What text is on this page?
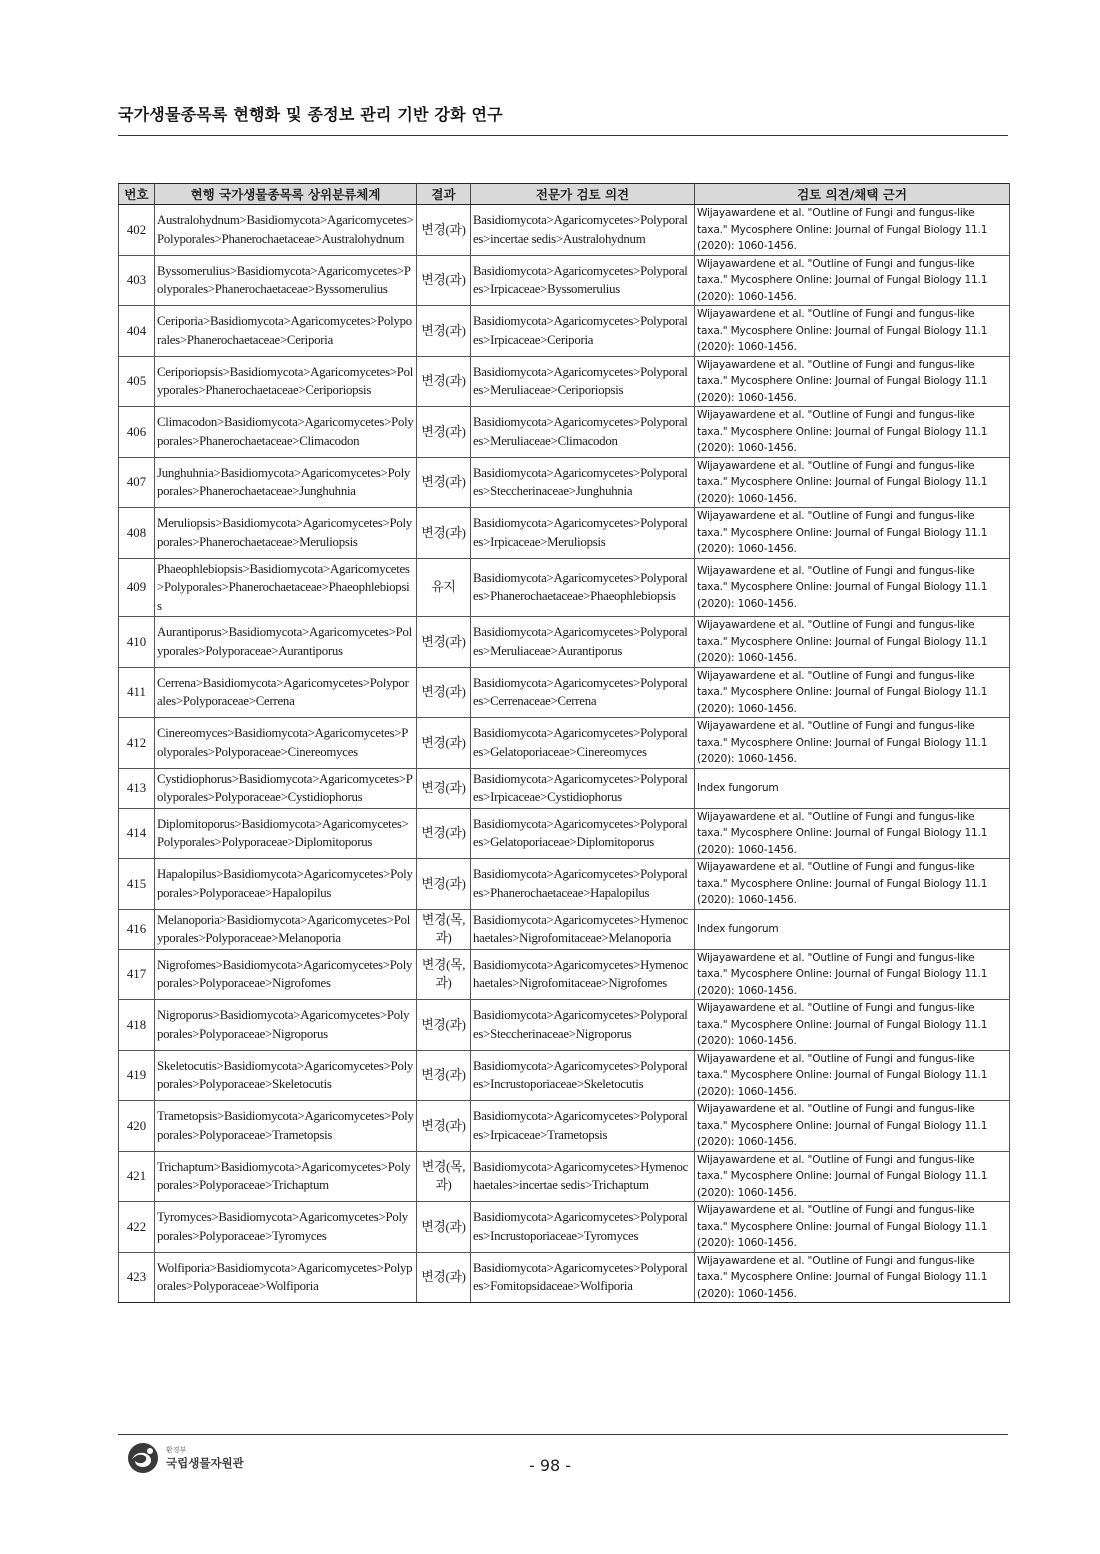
국가생물종목록 현행화 및 종정보 관리 기반 강화 연구
번호	현행 국가생물종목록 상위분류체계	결과	전문가 검토 의견	검토 의견/채택 근거
402	Australohydnum>Basidiomycota>Agaricomycetes>Polyporales>Phanerochaetaceae>Australohydnum	변경(과)	Basidiomycota>Agaricomycetes>Polyporales>incertae sedis>Australohydnum	Wijayawardene et al. "Outline of Fungi and fungus-like taxa." Mycosphere Online: Journal of Fungal Biology 11.1 (2020): 1060-1456.
403	Byssomerulius>Basidiomycota>Agaricomycetes>Polyporales>Phanerochaetaceae>Byssomerulius	변경(과)	Basidiomycota>Agaricomycetes>Polyporales>Irpicaceae>Byssomerulius	Wijayawardene et al. "Outline of Fungi and fungus-like taxa." Mycosphere Online: Journal of Fungal Biology 11.1 (2020): 1060-1456.
404	Ceriporia>Basidiomycota>Agaricomycetes>Polyporales>Phanerochaetaceae>Ceriporia	변경(과)	Basidiomycota>Agaricomycetes>Polyporales>Irpicaceae>Ceriporia	Wijayawardene et al. "Outline of Fungi and fungus-like taxa." Mycosphere Online: Journal of Fungal Biology 11.1 (2020): 1060-1456.
405	Ceriporiopsis>Basidiomycota>Agaricomycetes>Polyporales>Phanerochaetaceae>Ceriporiopsis	변경(과)	Basidiomycota>Agaricomycetes>Polyporales>Meruliaceae>Ceriporiopsis	Wijayawardene et al. "Outline of Fungi and fungus-like taxa." Mycosphere Online: Journal of Fungal Biology 11.1 (2020): 1060-1456.
406	Climacodon>Basidiomycota>Agaricomycetes>Polyporales>Phanerochaetaceae>Climacodon	변경(과)	Basidiomycota>Agaricomycetes>Polyporales>Meruliaceae>Climacodon	Wijayawardene et al. "Outline of Fungi and fungus-like taxa." Mycosphere Online: Journal of Fungal Biology 11.1 (2020): 1060-1456.
407	Junghuhnia>Basidiomycota>Agaricomycetes>Polyporales>Phanerochaetaceae>Junghuhnia	변경(과)	Basidiomycota>Agaricomycetes>Polyporales>Steccherinaceae>Junghuhnia	Wijayawardene et al. "Outline of Fungi and fungus-like taxa." Mycosphere Online: Journal of Fungal Biology 11.1 (2020): 1060-1456.
408	Meruliopsis>Basidiomycota>Agaricomycetes>Polyporales>Phanerochaetaceae>Meruliopsis	변경(과)	Basidiomycota>Agaricomycetes>Polyporales>Irpicaceae>Meruliopsis	Wijayawardene et al. "Outline of Fungi and fungus-like taxa." Mycosphere Online: Journal of Fungal Biology 11.1 (2020): 1060-1456.
409	Phaeophlebiopsis>Basidiomycota>Agaricomycetes>Polyporales>Phanerochaetaceae>Phaeophlebiopsis	유지	Basidiomycota>Agaricomycetes>Polyporales>Phanerochaetaceae>Phaeophlebiopsis	Wijayawardene et al. "Outline of Fungi and fungus-like taxa." Mycosphere Online: Journal of Fungal Biology 11.1 (2020): 1060-1456.
410	Aurantiporus>Basidiomycota>Agaricomycetes>Polyporales>Polyporaceae>Aurantiporus	변경(과)	Basidiomycota>Agaricomycetes>Polyporales>Meruliaceae>Aurantiporus	Wijayawardene et al. "Outline of Fungi and fungus-like taxa." Mycosphere Online: Journal of Fungal Biology 11.1 (2020): 1060-1456.
411	Cerrena>Basidiomycota>Agaricomycetes>Polyporales>Polyporaceae>Cerrena	변경(과)	Basidiomycota>Agaricomycetes>Polyporales>Cerrenaceae>Cerrena	Wijayawardene et al. "Outline of Fungi and fungus-like taxa." Mycosphere Online: Journal of Fungal Biology 11.1 (2020): 1060-1456.
412	Cinereomyces>Basidiomycota>Agaricomycetes>Polyporales>Polyporaceae>Cinereomyces	변경(과)	Basidiomycota>Agaricomycetes>Polyporales>Gelatoporiaceae>Cinereomyces	Wijayawardene et al. "Outline of Fungi and fungus-like taxa." Mycosphere Online: Journal of Fungal Biology 11.1 (2020): 1060-1456.
413	Cystidiophorus>Basidiomycota>Agaricomycetes>Polyporales>Polyporaceae>Cystidiophorus	변경(과)	Basidiomycota>Agaricomycetes>Polyporales>Irpicaceae>Cystidiophorus	Index fungorum
414	Diplomitoporus>Basidiomycota>Agaricomycetes>Polyporales>Polyporaceae>Diplomitoporus	변경(과)	Basidiomycota>Agaricomycetes>Polyporales>Gelatoporiaceae>Diplomitoporus	Wijayawardene et al. "Outline of Fungi and fungus-like taxa." Mycosphere Online: Journal of Fungal Biology 11.1 (2020): 1060-1456.
415	Hapalopilus>Basidiomycota>Agaricomycetes>Polyporales>Polyporaceae>Hapalopilus	변경(과)	Basidiomycota>Agaricomycetes>Polyporales>Phanerochaetaceae>Hapalopilus	Wijayawardene et al. "Outline of Fungi and fungus-like taxa." Mycosphere Online: Journal of Fungal Biology 11.1 (2020): 1060-1456.
416	Melanoporia>Basidiomycota>Agaricomycetes>Polyporales>Polyporaceae>Melanoporia	변경(목, 과)	Basidiomycota>Agaricomycetes>Hymenochaetales>Nigrofomitaceae>Melanoporia	Index fungorum
417	Nigrofomes>Basidiomycota>Agaricomycetes>Polyporales>Polyporaceae>Nigrofomes	변경(목, 과)	Basidiomycota>Agaricomycetes>Hymenochaetales>Nigrofomitaceae>Nigrofomes	Wijayawardene et al. "Outline of Fungi and fungus-like taxa." Mycosphere Online: Journal of Fungal Biology 11.1 (2020): 1060-1456.
418	Nigroporus>Basidiomycota>Agaricomycetes>Polyporales>Polyporaceae>Nigroporus	변경(과)	Basidiomycota>Agaricomycetes>Polyporales>Steccherinaceae>Nigroporus	Wijayawardene et al. "Outline of Fungi and fungus-like taxa." Mycosphere Online: Journal of Fungal Biology 11.1 (2020): 1060-1456.
419	Skeletocutis>Basidiomycota>Agaricomycetes>Polyporales>Polyporaceae>Skeletocutis	변경(과)	Basidiomycota>Agaricomycetes>Polyporales>Incrustoporiaceae>Skeletocutis	Wijayawardene et al. "Outline of Fungi and fungus-like taxa." Mycosphere Online: Journal of Fungal Biology 11.1 (2020): 1060-1456.
420	Trametopsis>Basidiomycota>Agaricomycetes>Polyporales>Polyporaceae>Trametopsis	변경(과)	Basidiomycota>Agaricomycetes>Polyporales>Irpicaceae>Trametopsis	Wijayawardene et al. "Outline of Fungi and fungus-like taxa." Mycosphere Online: Journal of Fungal Biology 11.1 (2020): 1060-1456.
421	Trichaptum>Basidiomycota>Agaricomycetes>Polyporales>Polyporaceae>Trichaptum	변경(목, 과)	Basidiomycota>Agaricomycetes>Hymenochaetales>incertae sedis>Trichaptum	Wijayawardene et al. "Outline of Fungi and fungus-like taxa." Mycosphere Online: Journal of Fungal Biology 11.1 (2020): 1060-1456.
422	Tyromyces>Basidiomycota>Agaricomycetes>Polyporales>Polyporaceae>Tyromyces	변경(과)	Basidiomycota>Agaricomycetes>Polyporales>Incrustoporiaceae>Tyromyces	Wijayawardene et al. "Outline of Fungi and fungus-like taxa." Mycosphere Online: Journal of Fungal Biology 11.1 (2020): 1060-1456.
423	Wolfiporia>Basidiomycota>Agaricomycetes>Polyporales>Polyporaceae>Wolfiporia	변경(과)	Basidiomycota>Agaricomycetes>Polyporales>Fomitopsidaceae>Wolfiporia	Wijayawardene et al. "Outline of Fungi and fungus-like taxa." Mycosphere Online: Journal of Fungal Biology 11.1 (2020): 1060-1456.
환경부
국립생물자원관	- 98 -
